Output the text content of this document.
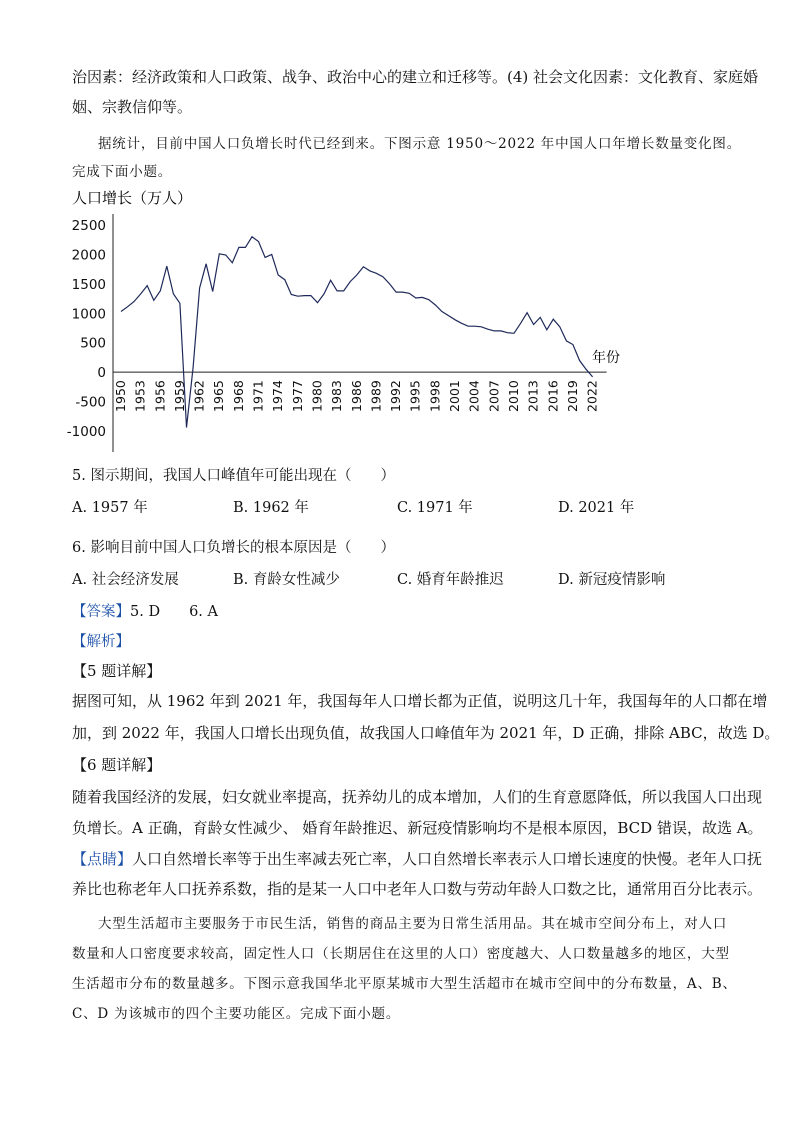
治因素：经济政策和人口政策、战争、政治中心的建立和迁移等。(4) 社会文化因素：文化教育、家庭婚
姻、宗教信仰等。
据统计，目前中国人口负增长时代已经到来。下图示意 1950～2022 年中国人口年增长数量变化图。
完成下面小题。
人口增长（万人）
年份
2500
2000
1500
1000
500
0
-500
-1000
1950 1953 1956 1959 1962 1965 1968 1971 1974 1977 1980 1983 1986 1989 1992 1995 1998 2001 2004 2007 2010 2013 2016 2019 2022
5. 图示期间，我国人口峰值年可能出现在（　　）
A. 1957 年	B. 1962 年	C. 1971 年	D. 2021 年
6. 影响目前中国人口负增长的根本原因是（　　）
A. 社会经济发展	B. 育龄女性减少	C. 婚育年龄推迟	D. 新冠疫情影响
【答案】5. D　　6. A
【解析】
【5 题详解】
据图可知，从 1962 年到 2021 年，我国每年人口增长都为正值，说明这几十年，我国每年的人口都在增
加，到 2022 年，我国人口增长出现负值，故我国人口峰值年为 2021 年，D 正确，排除 ABC，故选 D。
【6 题详解】
随着我国经济的发展，妇女就业率提高，抚养幼儿的成本增加，人们的生育意愿降低，所以我国人口出现
负增长。A 正确，育龄女性减少、 婚育年龄推迟、新冠疫情影响均不是根本原因，BCD 错误，故选 A。
【点睛】人口自然增长率等于出生率减去死亡率，人口自然增长率表示人口增长速度的快慢。老年人口抚
养比也称老年人口抚养系数，指的是某一人口中老年人口数与劳动年龄人口数之比，通常用百分比表示。
大型生活超市主要服务于市民生活，销售的商品主要为日常生活用品。其在城市空间分布上，对人口
数量和人口密度要求较高，固定性人口（长期居住在这里的人口）密度越大、人口数量越多的地区，大型
生活超市分布的数量越多。下图示意我国华北平原某城市大型生活超市在城市空间中的分布数量，A、B、
C、D 为该城市的四个主要功能区。完成下面小题。
